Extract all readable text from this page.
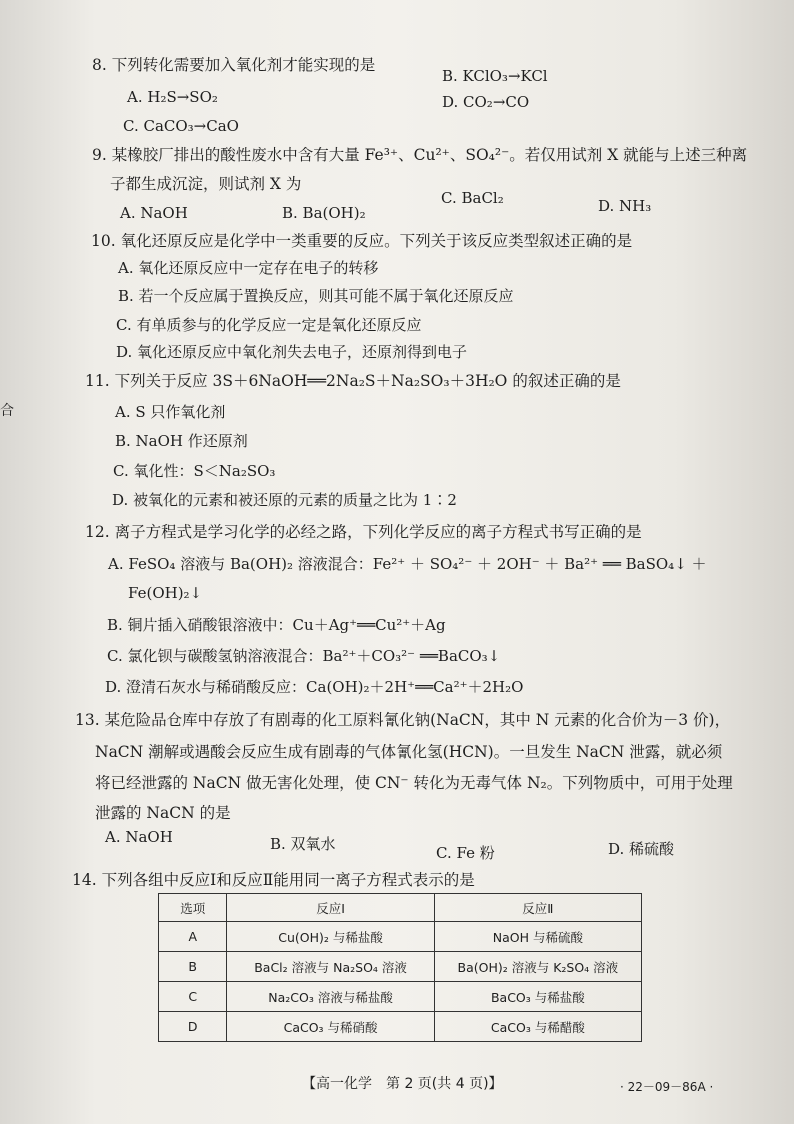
合
8. 下列转化需要加入氧化剂才能实现的是
B. KClO₃→KCl
A. H₂S→SO₂	D. CO₂→CO
C. CaCO₃→CaO
9. 某橡胶厂排出的酸性废水中含有大量 Fe³⁺、Cu²⁺、SO₄²⁻。若仅用试剂 X 就能与上述三种离
子都生成沉淀，则试剂 X 为
C. BaCl₂
A. NaOH	B. Ba(OH)₂	D. NH₃
10. 氧化还原反应是化学中一类重要的反应。下列关于该反应类型叙述正确的是
A. 氧化还原反应中一定存在电子的转移
B. 若一个反应属于置换反应，则其可能不属于氧化还原反应
C. 有单质参与的化学反应一定是氧化还原反应
D. 氧化还原反应中氧化剂失去电子，还原剂得到电子
11. 下列关于反应 3S＋6NaOH══2Na₂S＋Na₂SO₃＋3H₂O 的叙述正确的是
A. S 只作氧化剂
B. NaOH 作还原剂
C. 氧化性：S＜Na₂SO₃
D. 被氧化的元素和被还原的元素的质量之比为 1∶2
12. 离子方程式是学习化学的必经之路，下列化学反应的离子方程式书写正确的是
A. FeSO₄ 溶液与 Ba(OH)₂ 溶液混合：Fe²⁺ ＋ SO₄²⁻ ＋ 2OH⁻ ＋ Ba²⁺ ══ BaSO₄↓ ＋
Fe(OH)₂↓
B. 铜片插入硝酸银溶液中：Cu＋Ag⁺══Cu²⁺＋Ag
C. 氯化钡与碳酸氢钠溶液混合：Ba²⁺＋CO₃²⁻ ══BaCO₃↓
D. 澄清石灰水与稀硝酸反应：Ca(OH)₂＋2H⁺══Ca²⁺＋2H₂O
13. 某危险品仓库中存放了有剧毒的化工原料氰化钠(NaCN，其中 N 元素的化合价为－3 价)，
NaCN 潮解或遇酸会反应生成有剧毒的气体氰化氢(HCN)。一旦发生 NaCN 泄露，就必须
将已经泄露的 NaCN 做无害化处理，使 CN⁻ 转化为无毒气体 N₂。下列物质中，可用于处理
泄露的 NaCN 的是
A. NaOH	B. 双氧水	C. Fe 粉	D. 稀硫酸
14. 下列各组中反应Ⅰ和反应Ⅱ能用同一离子方程式表示的是
选项	反应Ⅰ	反应Ⅱ
A	Cu(OH)₂ 与稀盐酸	NaOH 与稀硫酸
B	BaCl₂ 溶液与 Na₂SO₄ 溶液	Ba(OH)₂ 溶液与 K₂SO₄ 溶液
C	Na₂CO₃ 溶液与稀盐酸	BaCO₃ 与稀盐酸
D	CaCO₃ 与稀硝酸	CaCO₃ 与稀醋酸
【高一化学　第 2 页(共 4 页)】	· 22－09－86A ·
